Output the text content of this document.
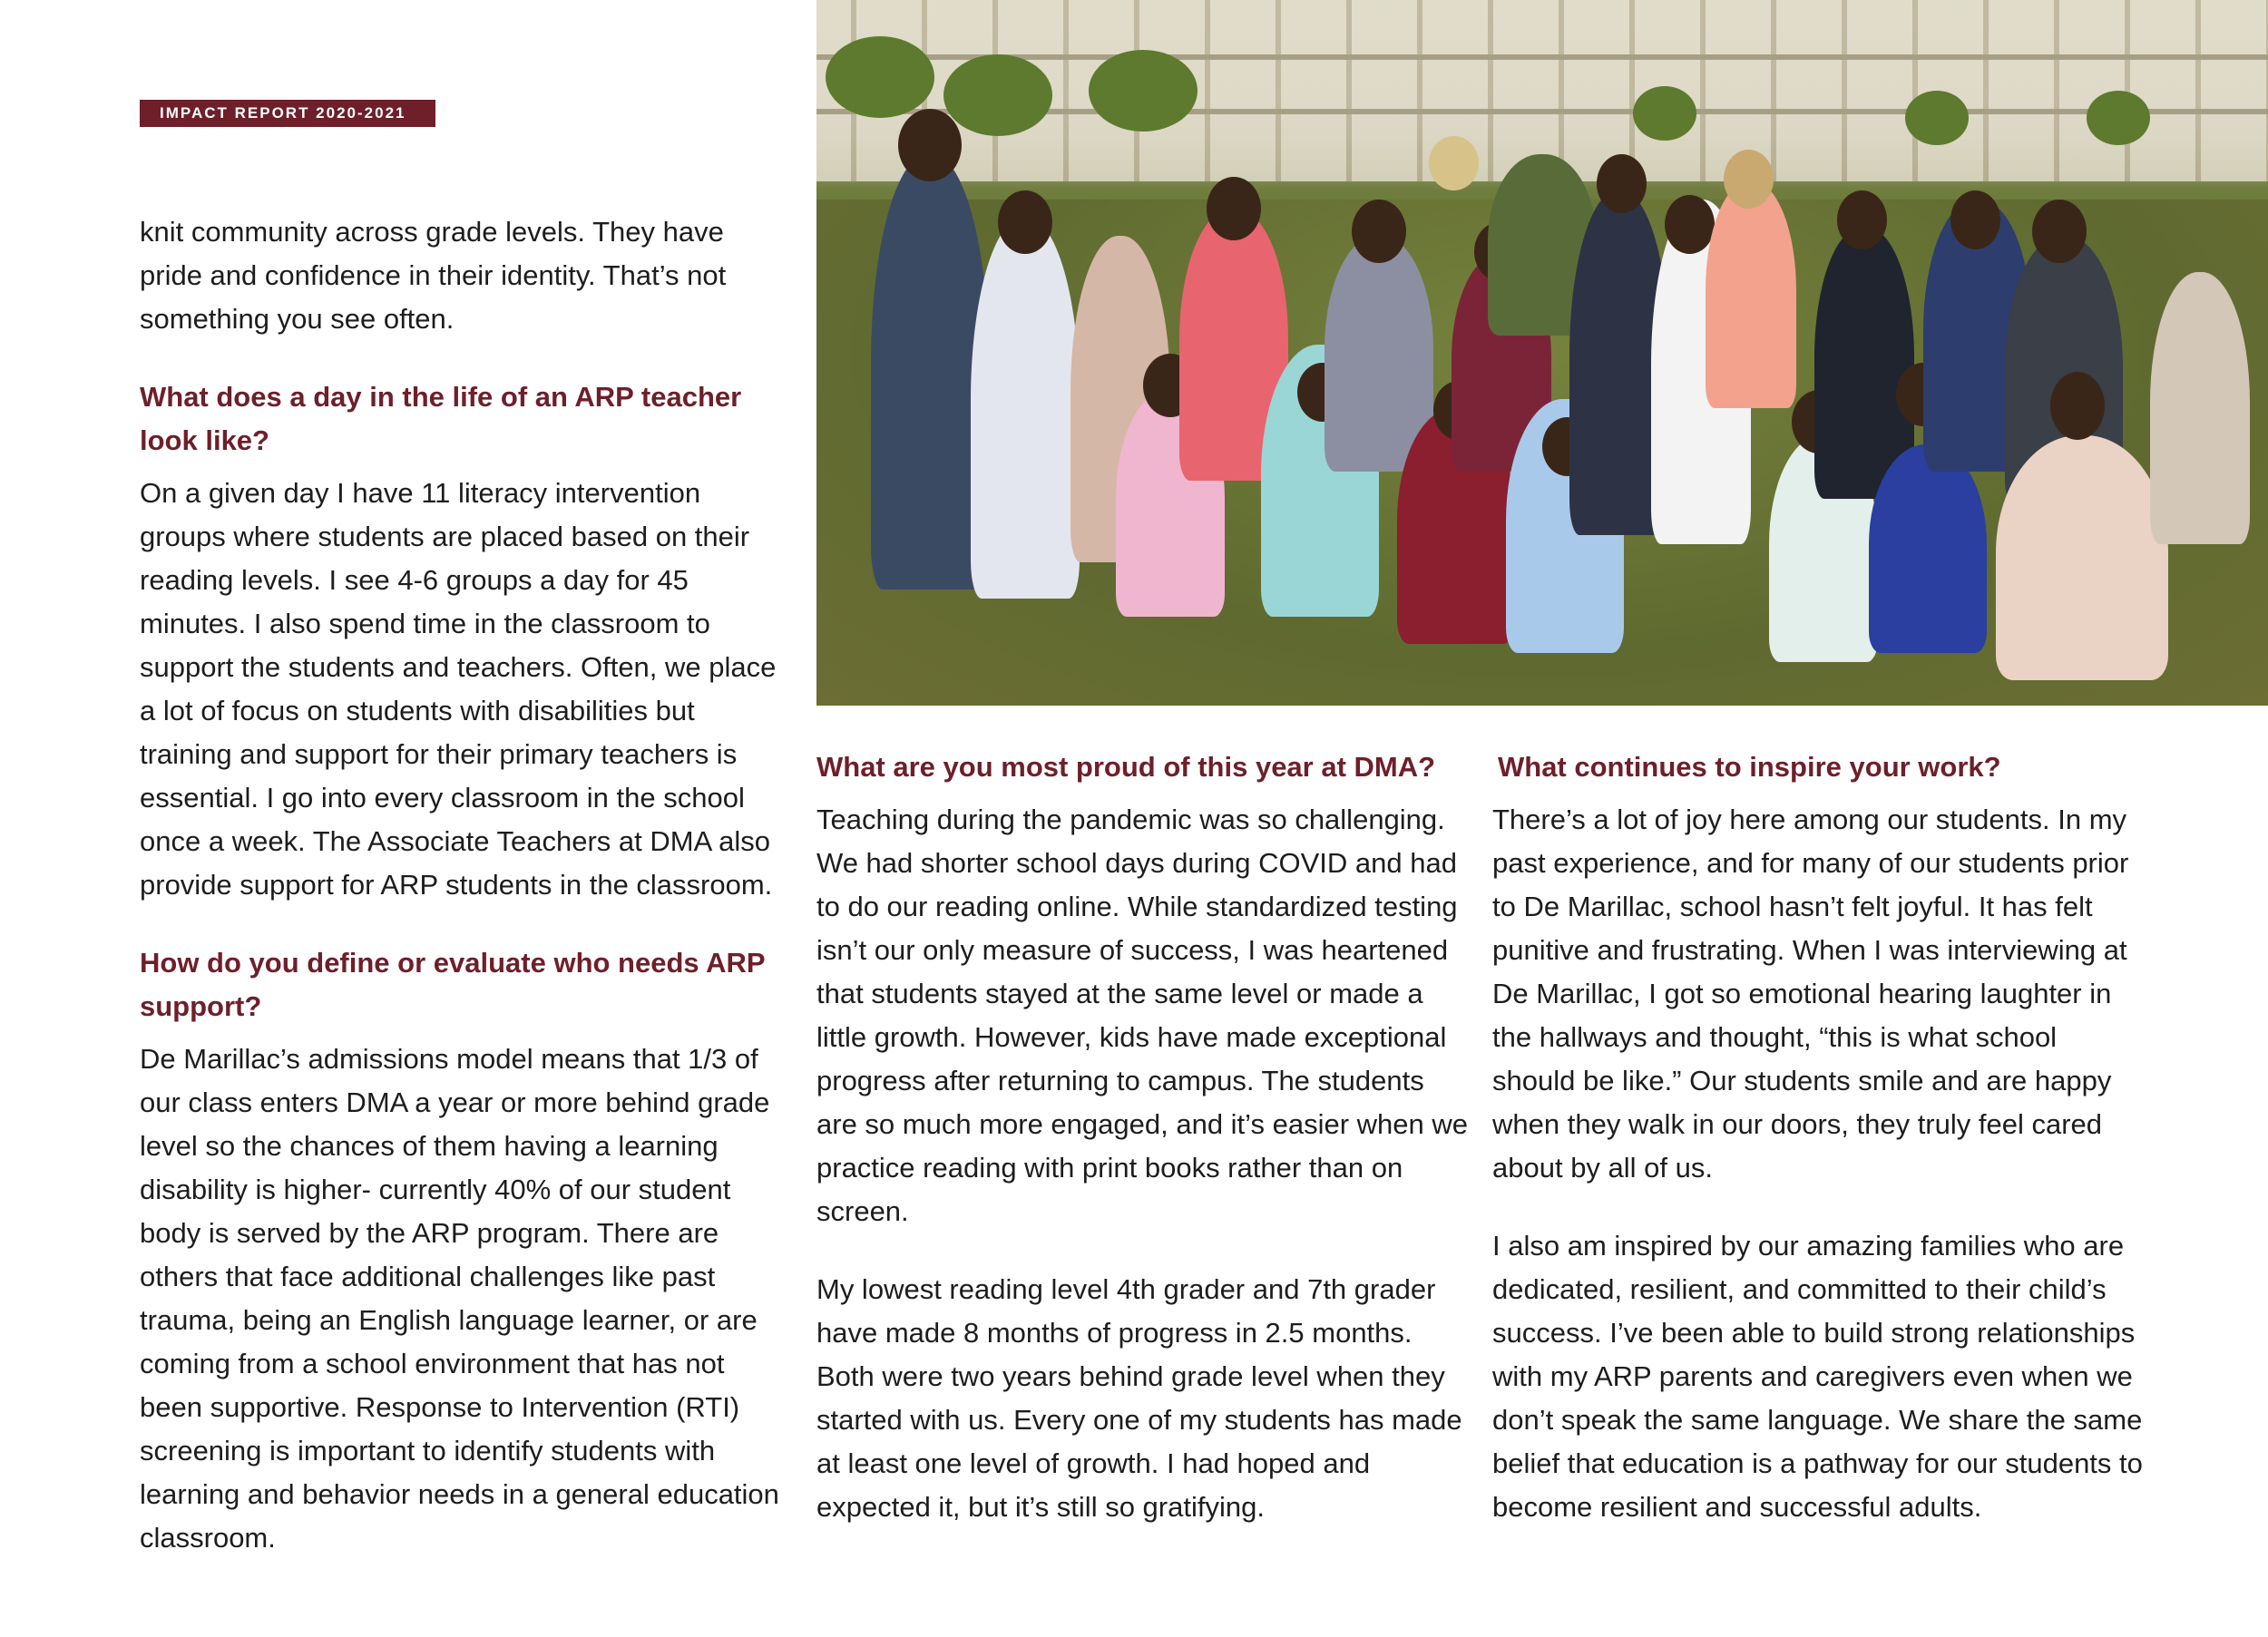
IMPACT REPORT 2020-2021

knit community across grade levels. They have pride and confidence in their identity. That’s not something you see often.

What does a day in the life of an ARP teacher look like?

On a given day I have 11 literacy intervention groups where students are placed based on their reading levels. I see 4-6 groups a day for 45 minutes. I also spend time in the classroom to support the students and teachers. Often, we place a lot of focus on students with disabilities but training and support for their primary teachers is essential. I go into every classroom in the school once a week. The Associate Teachers at DMA also provide support for ARP students in the classroom.

How do you define or evaluate who needs ARP support?

De Marillac’s admissions model means that 1/3 of our class enters DMA a year or more behind grade level so the chances of them having a learning disability is higher- currently 40% of our student body is served by the ARP program. There are others that face additional challenges like past trauma, being an English language learner, or are coming from a school environment that has not been supportive. Response to Intervention (RTI) screening is important to identify students with learning and behavior needs in a general education classroom.

What are you most proud of this year at DMA?

Teaching during the pandemic was so challenging. We had shorter school days during COVID and had to do our reading online. While standardized testing isn’t our only measure of success, I was heartened that students stayed at the same level or made a little growth. However, kids have made exceptional progress after returning to campus. The students are so much more engaged, and it’s easier when we practice reading with print books rather than on screen.

My lowest reading level 4th grader and 7th grader have made 8 months of progress in 2.5 months. Both were two years behind grade level when they started with us. Every one of my students has made at least one level of growth. I had hoped and expected it, but it’s still so gratifying.

What continues to inspire your work?

There’s a lot of joy here among our students. In my past experience, and for many of our students prior to De Marillac, school hasn’t felt joyful. It has felt punitive and frustrating. When I was interviewing at De Marillac, I got so emotional hearing laughter in the hallways and thought, “this is what school should be like.” Our students smile and are happy when they walk in our doors, they truly feel cared about by all of us.

I also am inspired by our amazing families who are dedicated, resilient, and committed to their child’s success. I’ve been able to build strong relationships with my ARP parents and caregivers even when we don’t speak the same language. We share the same belief that education is a pathway for our students to become resilient and successful adults.
